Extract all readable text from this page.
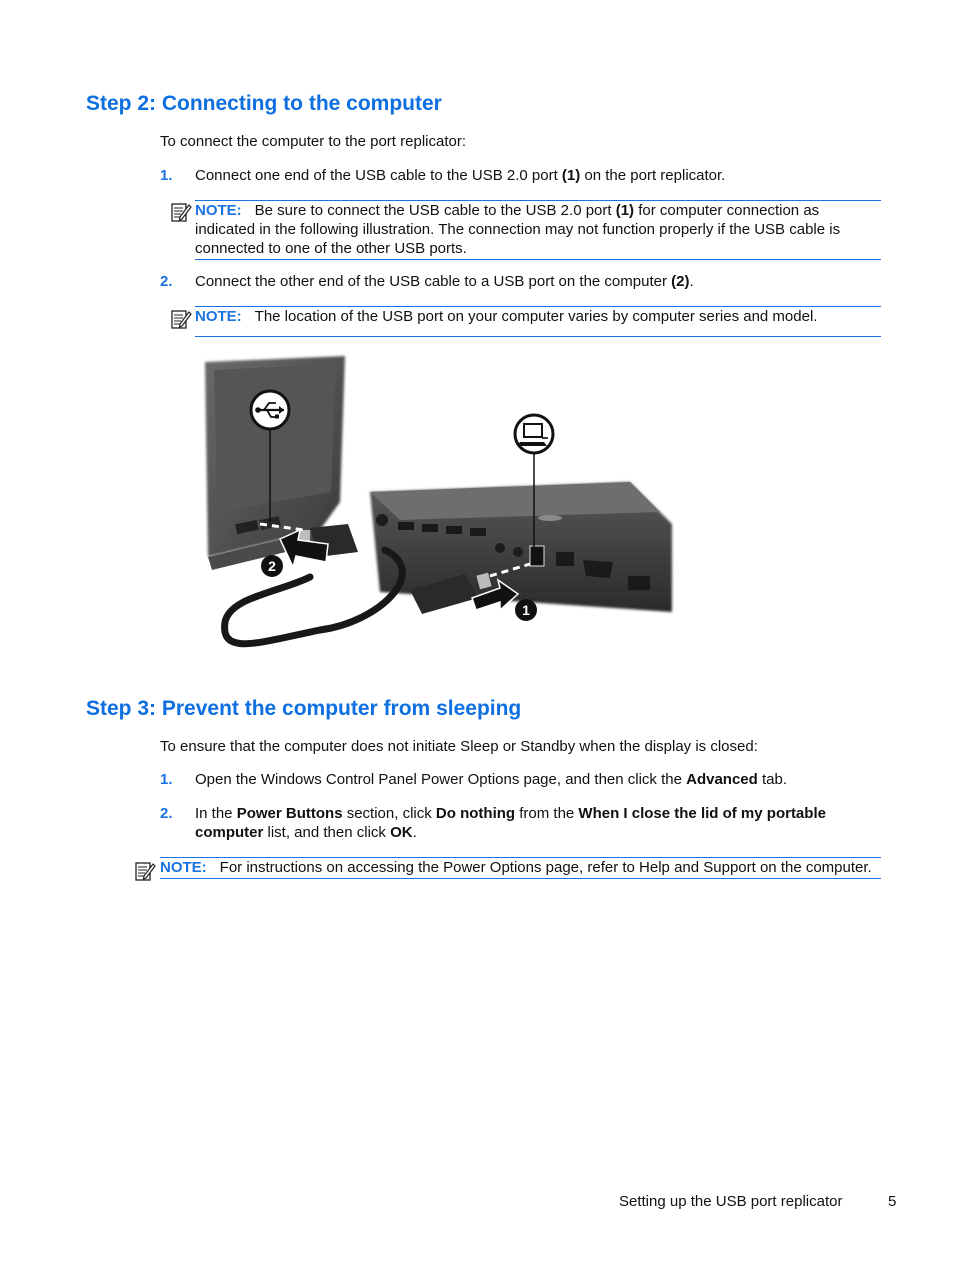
Step 2: Connecting to the computer
To connect the computer to the port replicator:
1. Connect one end of the USB cable to the USB 2.0 port (1) on the port replicator.
NOTE: Be sure to connect the USB cable to the USB 2.0 port (1) for computer connection as indicated in the following illustration. The connection may not function properly if the USB cable is connected to one of the other USB ports.
2. Connect the other end of the USB cable to a USB port on the computer (2).
NOTE: The location of the USB port on your computer varies by computer series and model.
2
1
Step 3: Prevent the computer from sleeping
To ensure that the computer does not initiate Sleep or Standby when the display is closed:
1. Open the Windows Control Panel Power Options page, and then click the Advanced tab.
2. In the Power Buttons section, click Do nothing from the When I close the lid of my portable computer list, and then click OK.
NOTE: For instructions on accessing the Power Options page, refer to Help and Support on the computer.
Setting up the USB port replicator	5
